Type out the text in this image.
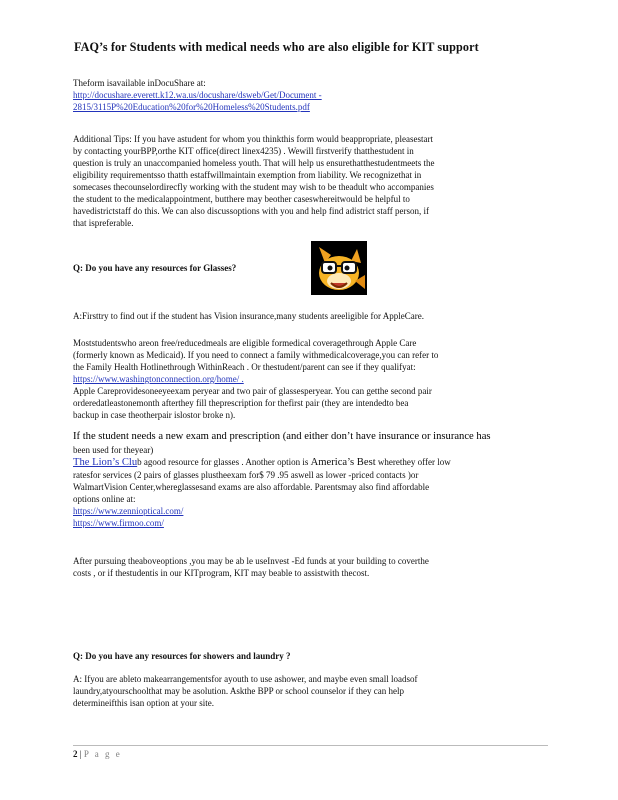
FAQ’s for Students with medical needs who are also eligible for KIT support
Theform isavailable inDocuShare at:
http://docushare.everett.k12.wa.us/docushare/dsweb/Get/Document -
2815/3115P%20Education%20for%20Homeless%20Students.pdf
Additional Tips: If you have astudent for whom you thinkthis form would beappropriate, pleasestart
by contacting yourBPP,orthe KIT office(direct linex4235) . Wewill firstverify thatthestudent in
question is truly an unaccompanied homeless youth. That will help us ensurethatthestudentmeets the
eligibility requirementsso thatth estaffwillmaintain exemption from liability. We recognizethat in
somecases thecounselordirecfly working with the student may wish to be theadult who accompanies
the student to the medicalappointment, butthere may beother caseswhereitwould be helpful to
havedistrictstaff do this. We can also discussoptions with you and help find adistrict staff person, if
that ispreferable.
Q: Do you have any resources for Glasses?
A:Firsttry to find out if the student has Vision insurance,many students areeligible for AppleCare.
Moststudentswho areon free/reducedmeals are eligible formedical coveragethrough Apple Care
(formerly known as Medicaid). If you need to connect a family withmedicalcoverage,you can refer to
the Family Health Hotlinethrough WithinReach . Or thestudent/parent can see if they qualifyat:
https://www.washingtonconnection.org/home/ .
Apple Careprovidesoneeyeexam peryear and two pair of glassesperyear. You can getthe second pair
orderedatleastonemonth afterthey fill theprescription for thefirst pair (they are intendedto bea
backup in case theotherpair islostor broke n).
If the student needs a new exam and prescription (and either don’t have insurance or insurance has
been used for theyear)
The Lion’s Club agood resource for glasses . Another option is America’s Best wherethey offer low
ratesfor services (2 pairs of glasses plustheexam for$ 79 .95 aswell as lower -priced contacts )or
WalmartVision Center,whereglassesand exams are also affordable. Parentsmay also find affordable
options online at:
https://www.zennioptical.com/
https://www.firmoo.com/
After pursuing theaboveoptions ,you may be ab le useInvest -Ed funds at your building to coverthe
costs , or if thestudentis in our KITprogram, KIT may beable to assistwith thecost.
Q: Do you have any resources for showers and laundry ?
A: Ifyou are ableto makearrangementsfor ayouth to use ashower, and maybe even small loadsof
laundry,atyourschoolthat may be asolution. Askthe BPP or school counselor if they can help
determineifthis isan option at your site.
2 | P a g e
